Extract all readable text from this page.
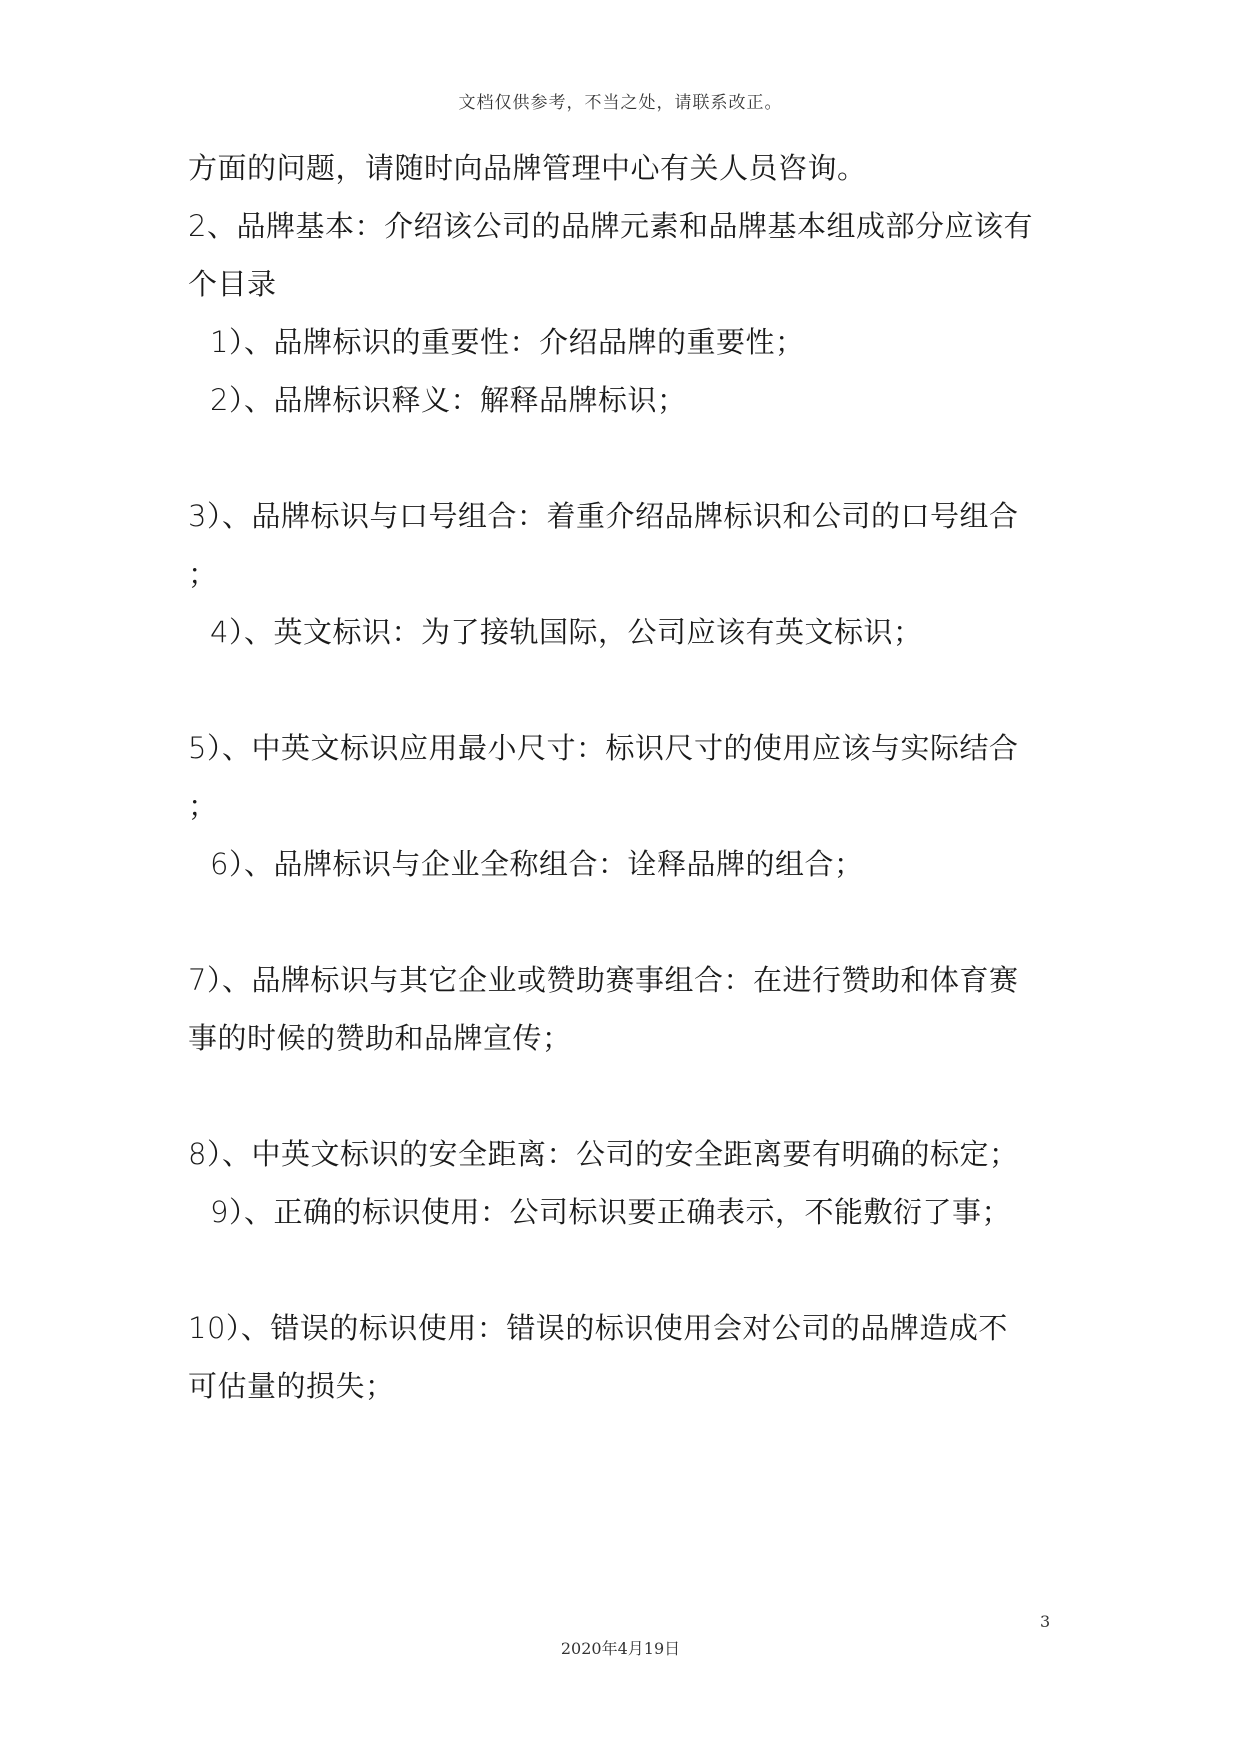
文档仅供参考，不当之处，请联系改正。
方面的问题，请随时向品牌管理中心有关人员咨询。
2、品牌基本：介绍该公司的品牌元素和品牌基本组成部分应该有
个目录
1）、品牌标识的重要性：介绍品牌的重要性；
2）、品牌标识释义：解释品牌标识；
3）、品牌标识与口号组合：着重介绍品牌标识和公司的口号组合
；
4）、英文标识：为了接轨国际，公司应该有英文标识；
5）、中英文标识应用最小尺寸：标识尺寸的使用应该与实际结合
；
6）、品牌标识与企业全称组合：诠释品牌的组合；
7）、品牌标识与其它企业或赞助赛事组合：在进行赞助和体育赛
事的时候的赞助和品牌宣传；
8）、中英文标识的安全距离：公司的安全距离要有明确的标定；
9）、正确的标识使用：公司标识要正确表示，不能敷衍了事；
10）、错误的标识使用：错误的标识使用会对公司的品牌造成不
可估量的损失；
3
2020年4月19日
